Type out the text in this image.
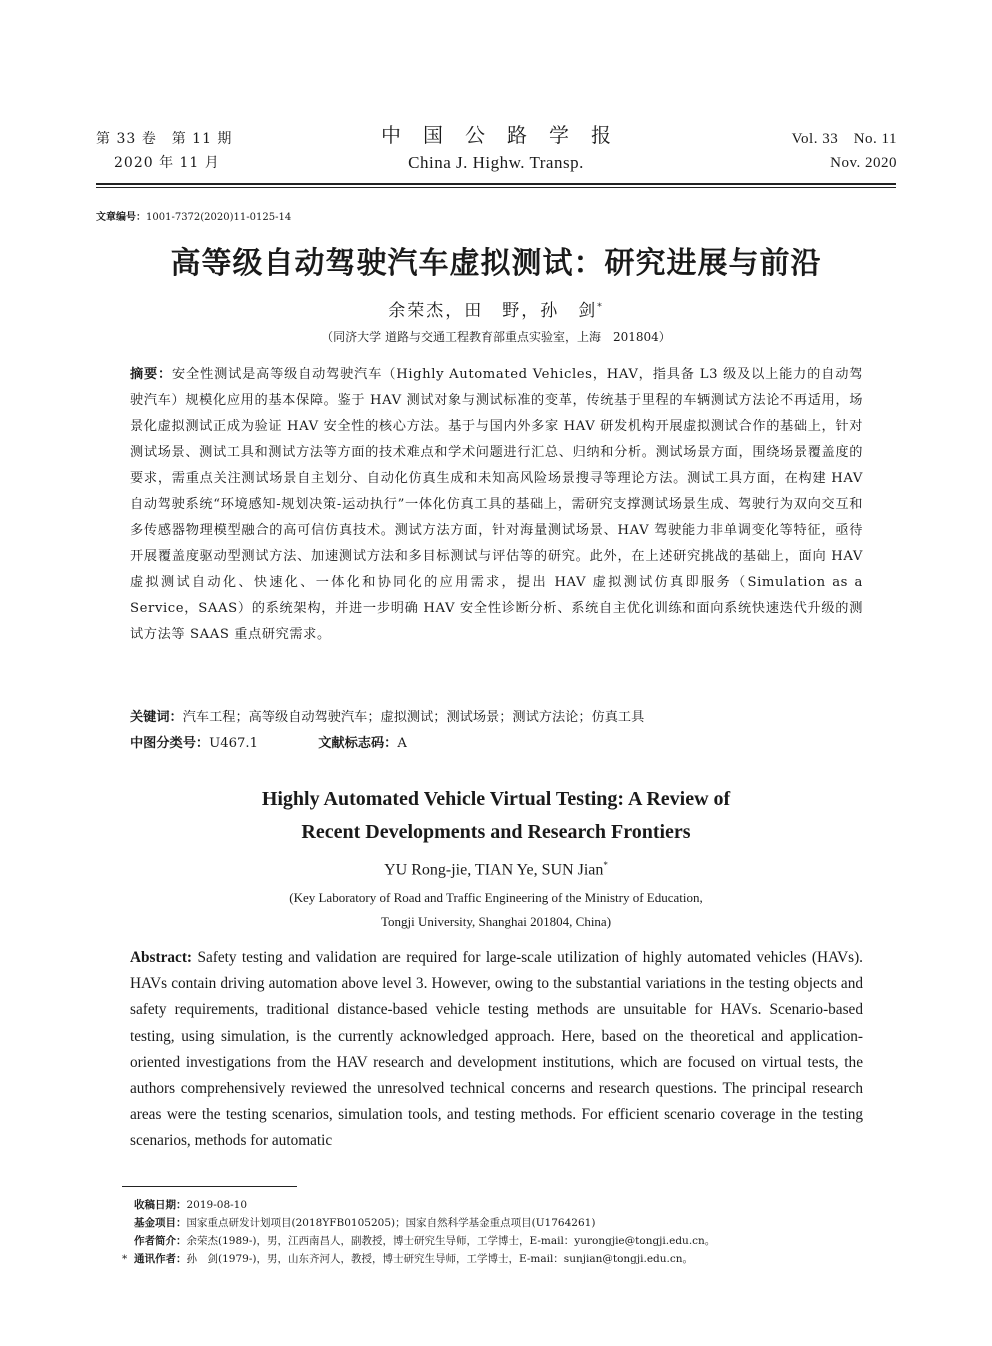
第 33 卷　第 11 期
2020 年 11 月
中国公路学报
China J. Highw. Transp.
Vol. 33　No. 11
Nov. 2020
文章编号：1001-7372(2020)11-0125-14
高等级自动驾驶汽车虚拟测试：研究进展与前沿
余荣杰，田　野，孙　剑*
（同济大学 道路与交通工程教育部重点实验室，上海　201804）
摘要：安全性测试是高等级自动驾驶汽车（Highly Automated Vehicles，HAV，指具备 L3 级及以上能力的自动驾驶汽车）规模化应用的基本保障。鉴于 HAV 测试对象与测试标准的变革，传统基于里程的车辆测试方法论不再适用，场景化虚拟测试正成为验证 HAV 安全性的核心方法。基于与国内外多家 HAV 研发机构开展虚拟测试合作的基础上，针对测试场景、测试工具和测试方法等方面的技术难点和学术问题进行汇总、归纳和分析。测试场景方面，围绕场景覆盖度的要求，需重点关注测试场景自主划分、自动化仿真生成和未知高风险场景搜寻等理论方法。测试工具方面，在构建 HAV 自动驾驶系统“环境感知-规划决策-运动执行”一体化仿真工具的基础上，需研究支撑测试场景生成、驾驶行为双向交互和多传感器物理模型融合的高可信仿真技术。测试方法方面，针对海量测试场景、HAV 驾驶能力非单调变化等特征，亟待开展覆盖度驱动型测试方法、加速测试方法和多目标测试与评估等的研究。此外，在上述研究挑战的基础上，面向 HAV 虚拟测试自动化、快速化、一体化和协同化的应用需求，提出 HAV 虚拟测试仿真即服务（Simulation as a Service，SAAS）的系统架构，并进一步明确 HAV 安全性诊断分析、系统自主优化训练和面向系统快速迭代升级的测试方法等 SAAS 重点研究需求。
关键词：汽车工程；高等级自动驾驶汽车；虚拟测试；测试场景；测试方法论；仿真工具
中图分类号：U467.1	文献标志码：A
Highly Automated Vehicle Virtual Testing: A Review of
Recent Developments and Research Frontiers
YU Rong-jie, TIAN Ye, SUN Jian*
(Key Laboratory of Road and Traffic Engineering of the Ministry of Education,
Tongji University, Shanghai 201804, China)
Abstract: Safety testing and validation are required for large-scale utilization of highly automated vehicles (HAVs). HAVs contain driving automation above level 3. However, owing to the substantial variations in the testing objects and safety requirements, traditional distance-based vehicle testing methods are unsuitable for HAVs. Scenario-based testing, using simulation, is the currently acknowledged approach. Here, based on the theoretical and application-oriented investigations from the HAV research and development institutions, which are focused on virtual tests, the authors comprehensively reviewed the unresolved technical concerns and research questions. The principal research areas were the testing scenarios, simulation tools, and testing methods. For efficient scenario coverage in the testing scenarios, methods for automatic
收稿日期：2019-08-10
基金项目：国家重点研发计划项目(2018YFB0105205)；国家自然科学基金重点项目(U1764261)
作者简介：余荣杰(1989-)，男，江西南昌人，副教授，博士研究生导师，工学博士，E-mail：yurongjie@tongji.edu.cn。
* 通讯作者：孙　剑(1979-)，男，山东齐河人，教授，博士研究生导师，工学博士，E-mail：sunjian@tongji.edu.cn。
